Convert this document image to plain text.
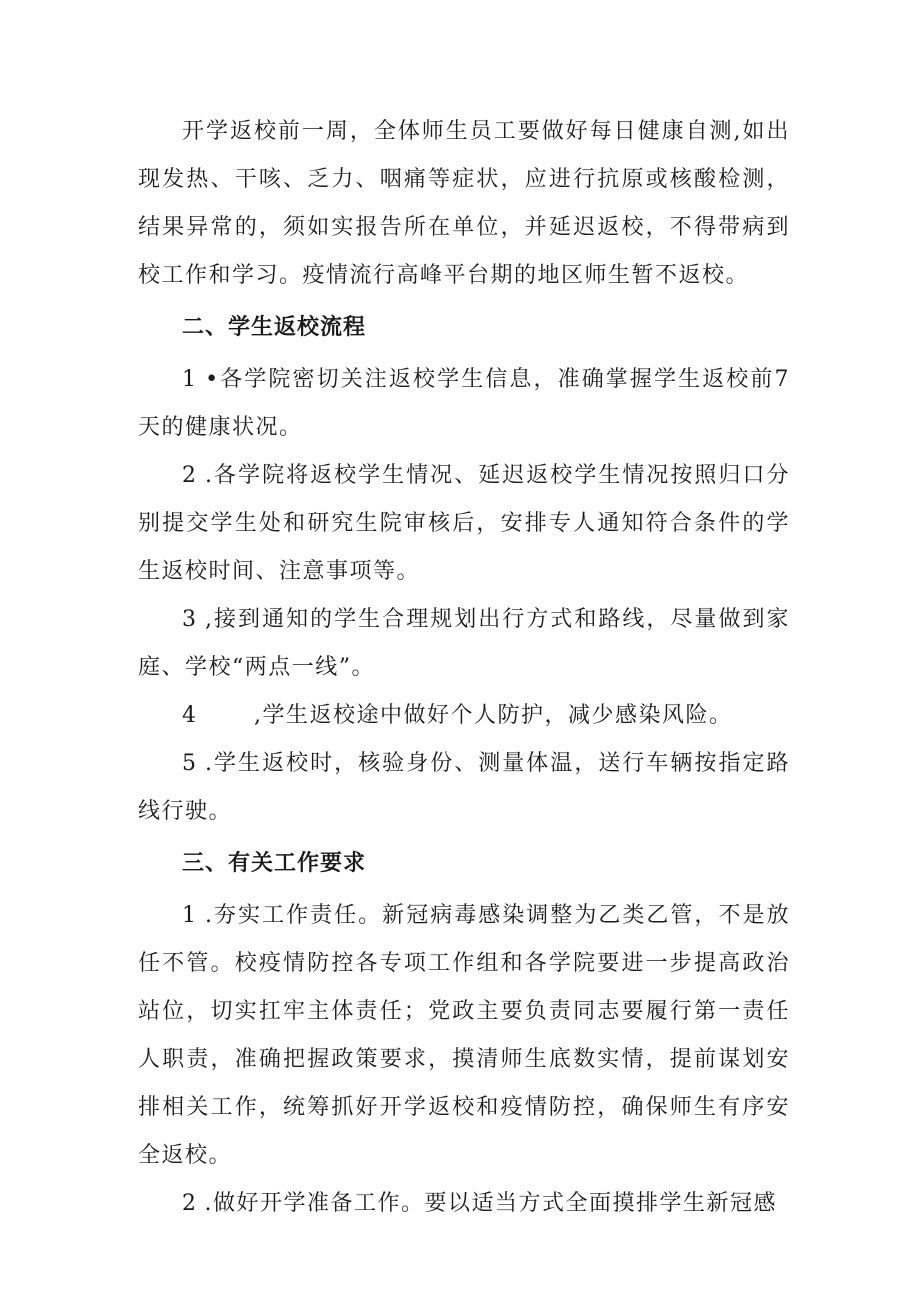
开学返校前一周，全体师生员工要做好每日健康自测,如出现发热、干咳、乏力、咽痛等症状，应进行抗原或核酸检测，结果异常的，须如实报告所在单位，并延迟返校，不得带病到校工作和学习。疫情流行高峰平台期的地区师生暂不返校。

二、学生返校流程

1 •各学院密切关注返校学生信息，准确掌握学生返校前7天的健康状况。

2 .各学院将返校学生情况、延迟返校学生情况按照归口分别提交学生处和研究生院审核后，安排专人通知符合条件的学生返校时间、注意事项等。

3 ,接到通知的学生合理规划出行方式和路线，尽量做到家庭、学校“两点一线”。

4	,学生返校途中做好个人防护，减少感染风险。

5 .学生返校时，核验身份、测量体温，送行车辆按指定路线行驶。

三、有关工作要求

1 .夯实工作责任。新冠病毒感染调整为乙类乙管，不是放任不管。校疫情防控各专项工作组和各学院要进一步提高政治站位，切实扛牢主体责任；党政主要负责同志要履行第一责任人职责，准确把握政策要求，摸清师生底数实情，提前谋划安排相关工作，统筹抓好开学返校和疫情防控，确保师生有序安全返校。

2 .做好开学准备工作。要以适当方式全面摸排学生新冠感
